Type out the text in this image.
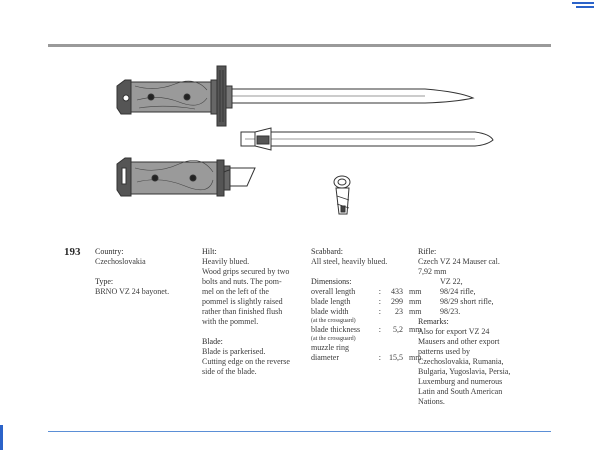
193 Country:

Czechoslovakia

Type:

BRNO VZ 24 bayonet.

Hilt:

Heavily blued.

Wood grips secured by two

bolts and nuts. The pom-

mel on the left of the

pommel is slightly raised

rather than finished flush

with the pommel.

Blade:

Blade is parkerised.

Cutting edge on the reverse

side of the blade.

Scabbard:

All steel, heavily blued.

Dimensions:

overall length	:	433 mm
blade length	:	299 mm
blade width	:	23 mm

(at the crossguard)

blade thickness	:	5,2 mm

(at the crossguard)

muzzle ring

diameter	:	15,5 mm

Rifle:

Czech VZ 24 Mauser cal.

7,92 mm

VZ 22,

98/24 rifle,

98/29 short rifle,

98/23.

Remarks:

Also for export VZ 24

Mausers and other export

patterns used by

Czechoslovakia, Rumania,

Bulgaria, Yugoslavia, Persia,

Luxemburg and numerous

Latin and South American

Nations.
